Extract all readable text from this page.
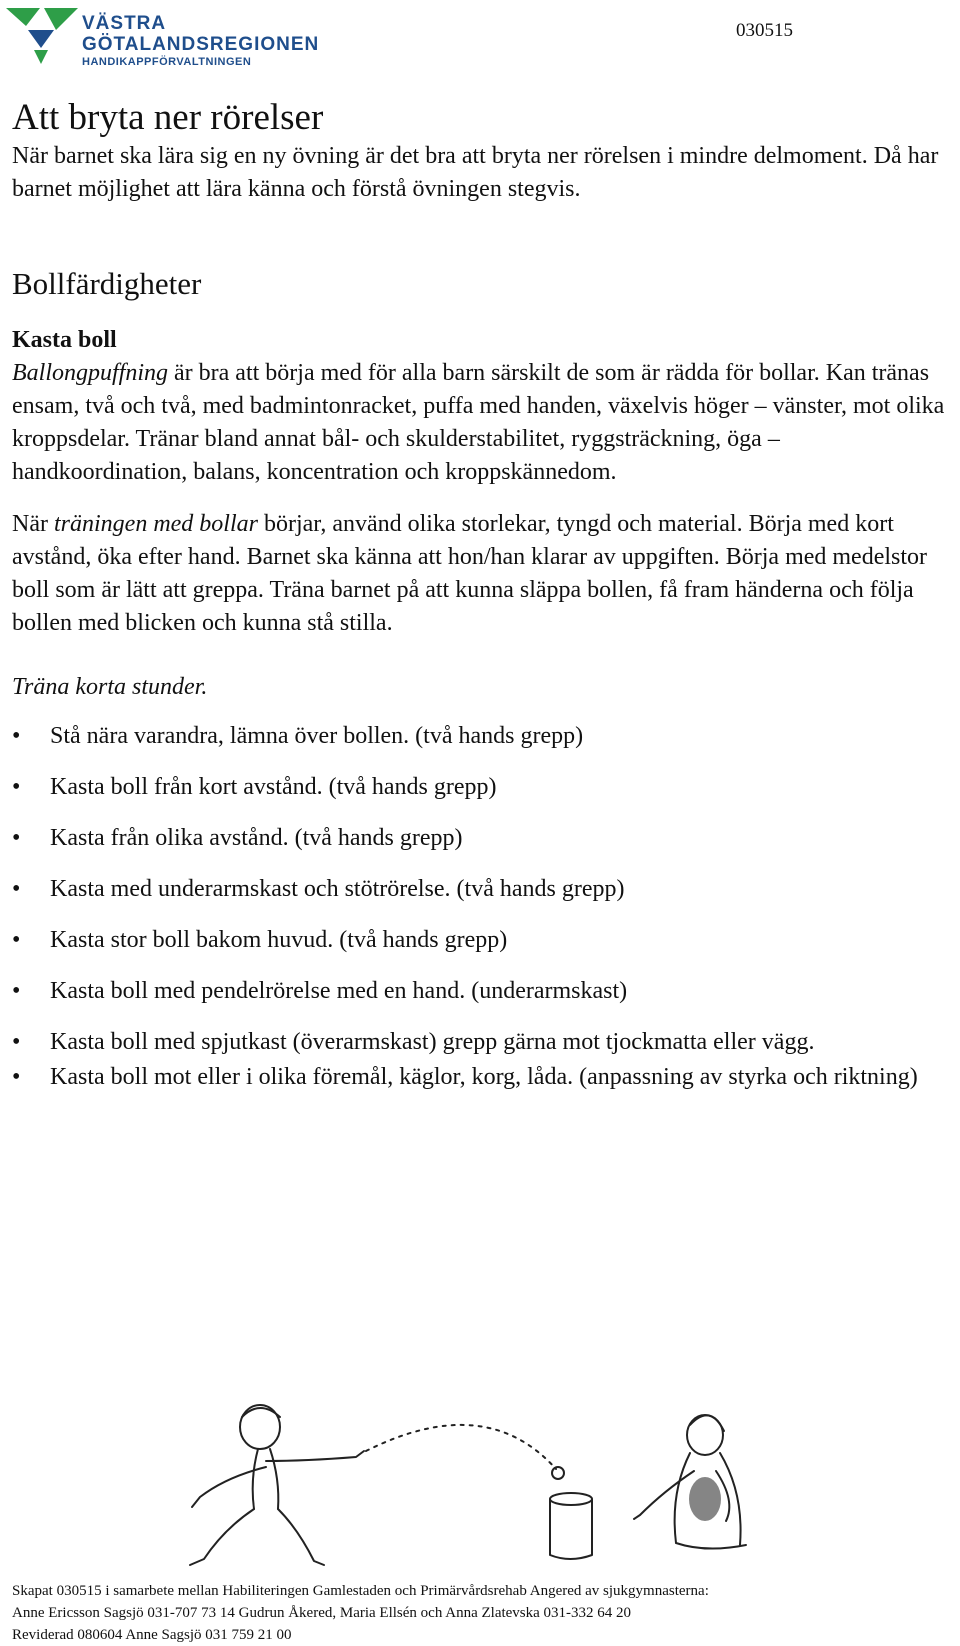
VÄSTRA
GÖTALANDSREGIONEN
HANDIKAPPFÖRVALTNINGEN
030515
Att bryta ner rörelser

När barnet ska lära sig en ny övning är det bra att bryta ner rörelsen i mindre delmoment. Då har barnet möjlighet att lära känna och förstå övningen stegvis.

Bollfärdigheter
Kasta boll

Ballongpuffning är bra att börja med för alla barn särskilt de som är rädda för bollar. Kan tränas ensam, två och två, med badmintonracket, puffa med handen, växelvis höger – vänster, mot olika kroppsdelar. Tränar bland annat bål- och skulderstabilitet, ryggsträckning, öga – handkoordination, balans, koncentration och kroppskännedom.

När träningen med bollar börjar, använd olika storlekar, tyngd och material. Börja med kort avstånd, öka efter hand. Barnet ska känna att hon/han klarar av uppgiften. Börja med medelstor boll som är lätt att greppa. Träna barnet på att kunna släppa bollen, få fram händerna och följa bollen med blicken och kunna stå stilla.

Träna korta stunder.

• Stå nära varandra, lämna över bollen. (två hands grepp)
• Kasta boll från kort avstånd. (två hands grepp)
• Kasta från olika avstånd. (två hands grepp)
• Kasta med underarmskast och stötrörelse. (två hands grepp)
• Kasta stor boll bakom huvud. (två hands grepp)
• Kasta boll med pendelrörelse med en hand. (underarmskast)
• Kasta boll med spjutkast (överarmskast) grepp gärna mot tjockmatta eller vägg.
• Kasta boll mot eller i olika föremål, käglor, korg, låda. (anpassning av styrka och riktning)
Skapat 030515 i samarbete mellan Habiliteringen Gamlestaden och Primärvårdsrehab Angered av sjukgymnasterna:
Anne Ericsson Sagsjö 031-707 73 14 Gudrun Åkered, Maria Ellsén och Anna Zlatevska 031-332 64 20
Reviderad 080604 Anne Sagsjö 031 759 21 00
